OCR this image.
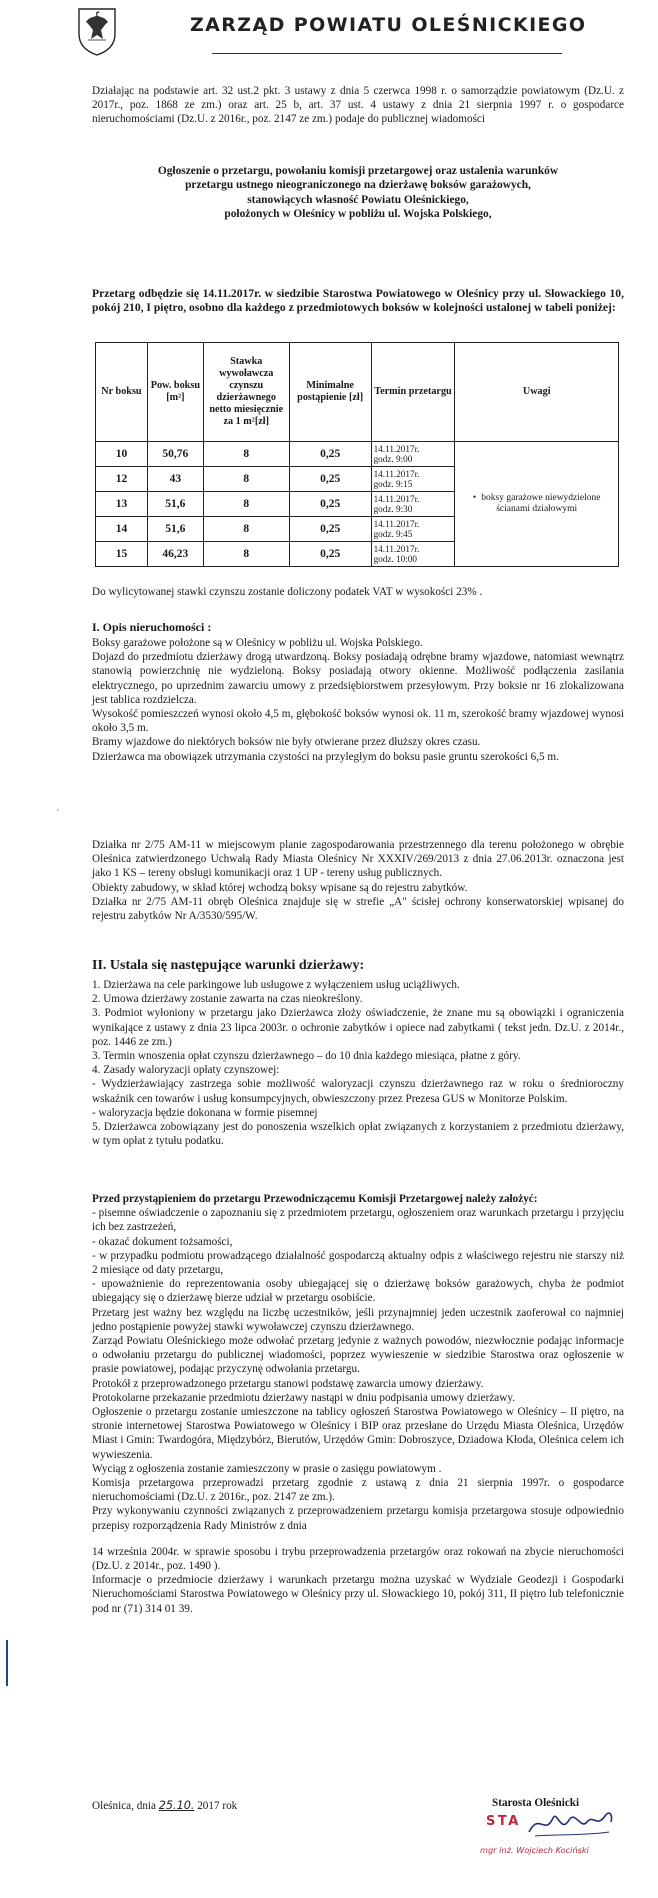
ZARZĄD POWIATU OLEŚNICKIEGO
Działając na podstawie art. 32 ust.2 pkt. 3 ustawy z dnia 5 czerwca 1998 r. o samorządzie powiatowym (Dz.U. z 2017r., poz. 1868 ze zm.) oraz art. 25 b, art. 37 ust. 4 ustawy z dnia 21 sierpnia 1997 r. o gospodarce nieruchomościami (Dz.U. z 2016r., poz. 2147 ze zm.) podaje do publicznej wiadomości
Ogłoszenie o przetargu, powołaniu komisji przetargowej oraz ustalenia warunków
przetargu ustnego nieograniczonego na dzierżawę boksów garażowych,
stanowiących własność Powiatu Oleśnickiego,
położonych w Oleśnicy w pobliżu ul. Wojska Polskiego,
Przetarg odbędzie się 14.11.2017r. w siedzibie Starostwa Powiatowego w Oleśnicy przy ul. Słowackiego 10, pokój 210, I piętro, osobno dla każdego z przedmiotowych boksów w kolejności ustalonej w tabeli poniżej:
Nr boksu	Pow. boksu [m²]	Stawka wywoławcza czynszu dzierżawnego netto miesięcznie za 1 m²[zł]	Minimalne postąpienie [zł]	Termin przetargu	Uwagi
10	50,76	8	0,25	14.11.2017r.
godz. 9:00	• boksy garażowe niewydzielone ścianami działowymi
12	43	8	0,25	14.11.2017r.
godz. 9:15	

13	51,6	8	0,25	14.11.2017r.
godz. 9:30	

14	51,6	8	0,25	14.11.2017r.
godz. 9:45	

15	46,23	8	0,25	14.11.2017r.
godz. 10:00	
Do wylicytowanej stawki czynszu zostanie doliczony podatek VAT w wysokości 23% .
I. Opis nieruchomości :

Boksy garażowe położone są w Oleśnicy w pobliżu ul. Wojska Polskiego.

Dojazd do przedmiotu dzierżawy drogą utwardzoną. Boksy posiadają odrębne bramy wjazdowe, natomiast wewnątrz stanowią powierzchnię nie wydzieloną. Boksy posiadają otwory okienne. Możliwość podłączenia zasilania elektrycznego, po uprzednim zawarciu umowy z przedsiębiorstwem przesyłowym. Przy boksie nr 16 zlokalizowana jest tablica rozdzielcza.

Wysokość pomieszczeń wynosi około 4,5 m, głębokość boksów wynosi ok. 11 m, szerokość bramy wjazdowej wynosi około 3,5 m.

Bramy wjazdowe do niektórych boksów nie były otwierane przez dłuższy okres czasu.

Dzierżawca ma obowiązek utrzymania czystości na przyległym do boksu pasie gruntu szerokości 6,5 m.

`

Działka nr 2/75 AM-11 w miejscowym planie zagospodarowania przestrzennego dla terenu położonego w obrębie Oleśnica zatwierdzonego Uchwałą Rady Miasta Oleśnicy Nr XXXIV/269/2013 z dnia 27.06.2013r. oznaczona jest jako 1 KS – tereny obsługi komunikacji oraz 1 UP - tereny usług publicznych.

Obiekty zabudowy, w skład której wchodzą boksy wpisane są do rejestru zabytków.

Działka nr 2/75 AM-11 obręb Oleśnica znajduje się w strefie „A" ścisłej ochrony konserwatorskiej wpisanej do rejestru zabytków Nr A/3530/595/W.

II. Ustala się następujące warunki dzierżawy:

1. Dzierżawa na cele parkingowe lub usługowe z wyłączeniem usług uciążliwych.

2. Umowa dzierżawy zostanie zawarta na czas nieokreślony.

3. Podmiot wyłoniony w przetargu jako Dzierżawca złoży oświadczenie, że znane mu są obowiązki i ograniczenia wynikające z ustawy z dnia 23 lipca 2003r. o ochronie zabytków i opiece nad zabytkami ( tekst jedn. Dz.U. z 2014r., poz. 1446 ze zm.)

3. Termin wnoszenia opłat czynszu dzierżawnego – do 10 dnia każdego miesiąca, płatne z góry.

4. Zasady waloryzacji opłaty czynszowej:

- Wydzierżawiający zastrzega sobie możliwość waloryzacji czynszu dzierżawnego raz w roku o średnioroczny wskaźnik cen towarów i usług konsumpcyjnych, obwieszczony przez Prezesa GUS w Monitorze Polskim.

- waloryzacja będzie dokonana w formie pisemnej

5. Dzierżawca zobowiązany jest do ponoszenia wszelkich opłat związanych z korzystaniem z przedmiotu dzierżawy, w tym opłat z tytułu podatku.

Przed przystąpieniem do przetargu Przewodniczącemu Komisji Przetargowej należy założyć:

- pisemne oświadczenie o zapoznaniu się z przedmiotem przetargu, ogłoszeniem oraz warunkach przetargu i przyjęciu ich bez zastrzeżeń,

- okazać dokument tożsamości,

- w przypadku podmiotu prowadzącego działalność gospodarczą aktualny odpis z właściwego rejestru nie starszy niż 2 miesiące od daty przetargu,

- upoważnienie do reprezentowania osoby ubiegającej się o dzierżawę boksów garażowych, chyba że podmiot ubiegający się o dzierżawę bierze udział w przetargu osobiście.

Przetarg jest ważny bez względu na liczbę uczestników, jeśli przynajmniej jeden uczestnik zaoferował co najmniej jedno postąpienie powyżej stawki wywoławczej czynszu dzierżawnego.

Zarząd Powiatu Oleśnickiego może odwołać przetarg jedynie z ważnych powodów, niezwłocznie podając informacje o odwołaniu przetargu do publicznej wiadomości, poprzez wywieszenie w siedzibie Starostwa oraz ogłoszenie w prasie powiatowej, podając przyczynę odwołania przetargu.

Protokół z przeprowadzonego przetargu stanowi podstawę zawarcia umowy dzierżawy.

Protokolarne przekazanie przedmiotu dzierżawy nastąpi w dniu podpisania umowy dzierżawy.

Ogłoszenie o przetargu zostanie umieszczone na tablicy ogłoszeń Starostwa Powiatowego w Oleśnicy – II piętro, na stronie internetowej Starostwa Powiatowego w Oleśnicy i BIP oraz przesłane do Urzędu Miasta Oleśnica, Urzędów Miast i Gmin: Twardogóra, Międzybórz, Bierutów, Urzędów Gmin: Dobroszyce, Dziadowa Kłoda, Oleśnica celem ich wywieszenia.

Wyciąg z ogłoszenia zostanie zamieszczony w prasie o zasięgu powiatowym .

Komisja przetargowa przeprowadzi przetarg zgodnie z ustawą z dnia 21 sierpnia 1997r. o gospodarce nieruchomościami (Dz.U. z 2016r., poz. 2147 ze zm.).

Przy wykonywaniu czynności związanych z przeprowadzeniem przetargu komisja przetargowa stosuje odpowiednio przepisy rozporządzenia Rady Ministrów z dnia

14 września 2004r. w sprawie sposobu i trybu przeprowadzenia przetargów oraz rokowań na zbycie nieruchomości (Dz.U. z 2014r., poz. 1490 ).

Informacje o przedmiocie dzierżawy i warunkach przetargu można uzyskać w Wydziale Geodezji i Gospodarki Nieruchomościami Starostwa Powiatowego w Oleśnicy przy ul. Słowackiego 10, pokój 311, II piętro lub telefonicznie pod nr (71) 314 01 39.

Oleśnica, dnia 25.10. 2017 rok	Starosta Oleśnicki
STA
mgr inż. Wojciech Kociński
